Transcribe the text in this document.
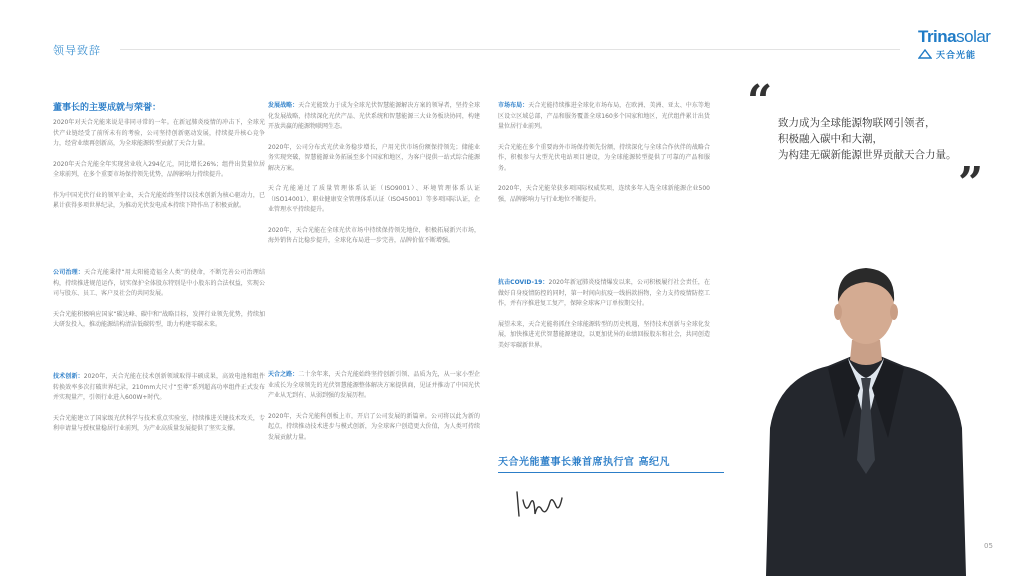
领导致辞
Trinasolar
天合光能
董事长的主要成就与荣誉：

2020年对天合光能来说是非同寻常的一年。在新冠肺炎疫情的冲击下，全球光伏产业链经受了前所未有的考验，公司坚持创新驱动发展，持续提升核心竞争力，经营业绩再创新高，为全球能源转型贡献了天合力量。

2020年天合光能全年实现营业收入294亿元，同比增长26%；组件出货量位居全球前列，在多个重要市场保持领先优势，品牌影响力持续提升。

作为中国光伏行业的领军企业，天合光能始终坚持以技术创新为核心驱动力，已累计获得多项世界纪录，为推动光伏发电成本持续下降作出了积极贡献。

公司治理：天合光能秉持“用太阳能造福全人类”的使命，不断完善公司治理结构，持续推进规范运作，切实保护全体股东特别是中小股东的合法权益，实现公司与股东、员工、客户及社会的共同发展。

天合光能积极响应国家“碳达峰、碳中和”战略目标，发挥行业领先优势，持续加大研发投入，推动能源结构清洁低碳转型，助力构建零碳未来。

技术创新：2020年，天合光能在技术创新领域取得丰硕成果，高效电池和组件转换效率多次打破世界纪录，210mm大尺寸“至尊”系列超高功率组件正式发布并实现量产，引领行业进入600W+时代。

天合光能建立了国家级光伏科学与技术重点实验室，持续推进关键技术攻关，专利申请量与授权量稳居行业前列，为产业高质量发展提供了坚实支撑。

发展战略：天合光能致力于成为全球光伏智慧能源解决方案的领导者，坚持全球化发展战略，持续深化光伏产品、光伏系统和智慧能源三大业务板块协同，构建开放共赢的能源物联网生态。

2020年，公司分布式光伏业务稳步增长，户用光伏市场份额保持领先；储能业务实现突破，智慧能源业务拓展至多个国家和地区，为客户提供一站式综合能源解决方案。

天合光能通过了质量管理体系认证（ISO9001）、环境管理体系认证（ISO14001）、职业健康安全管理体系认证（ISO45001）等多项国际认证，企业管理水平持续提升。

2020年，天合光能在全球光伏市场中持续保持领先地位，积极拓展新兴市场，海外销售占比稳步提升，全球化布局进一步完善，品牌价值不断增强。

天合之路：二十余年来，天合光能始终坚持创新引领、品质为先，从一家小型企业成长为全球领先的光伏智慧能源整体解决方案提供商，见证并推动了中国光伏产业从无到有、从弱到强的发展历程。

2020年，天合光能科创板上市，开启了公司发展的新篇章。公司将以此为新的起点，持续推动技术进步与模式创新，为全球客户创造更大价值，为人类可持续发展贡献力量。

市场布局：天合光能持续推进全球化市场布局，在欧洲、美洲、亚太、中东等地区设立区域总部，产品和服务覆盖全球160多个国家和地区，光伏组件累计出货量位居行业前列。

天合光能在多个重要海外市场保持领先份额，持续深化与全球合作伙伴的战略合作，积极参与大型光伏电站项目建设，为全球能源转型提供了可靠的产品和服务。

2020年，天合光能荣获多项国际权威奖项，连续多年入选全球新能源企业500强，品牌影响力与行业地位不断提升。

抗击COVID-19：2020年新冠肺炎疫情爆发以来，公司积极履行社会责任，在做好自身疫情防控的同时，第一时间向抗疫一线捐款捐物，全力支持疫情防控工作，并有序推进复工复产，保障全球客户订单按期交付。

展望未来，天合光能将抓住全球能源转型的历史机遇，坚持技术创新与全球化发展，加快推进光伏智慧能源建设，以更加优异的业绩回报股东和社会，共同创造美好零碳新世界。

“ 致力成为全球能源物联网引领者，
积极融入碳中和大潮，
为构建无碳新能源世界贡献天合力量。
”
天合光能董事长兼首席执行官 高纪凡
05
